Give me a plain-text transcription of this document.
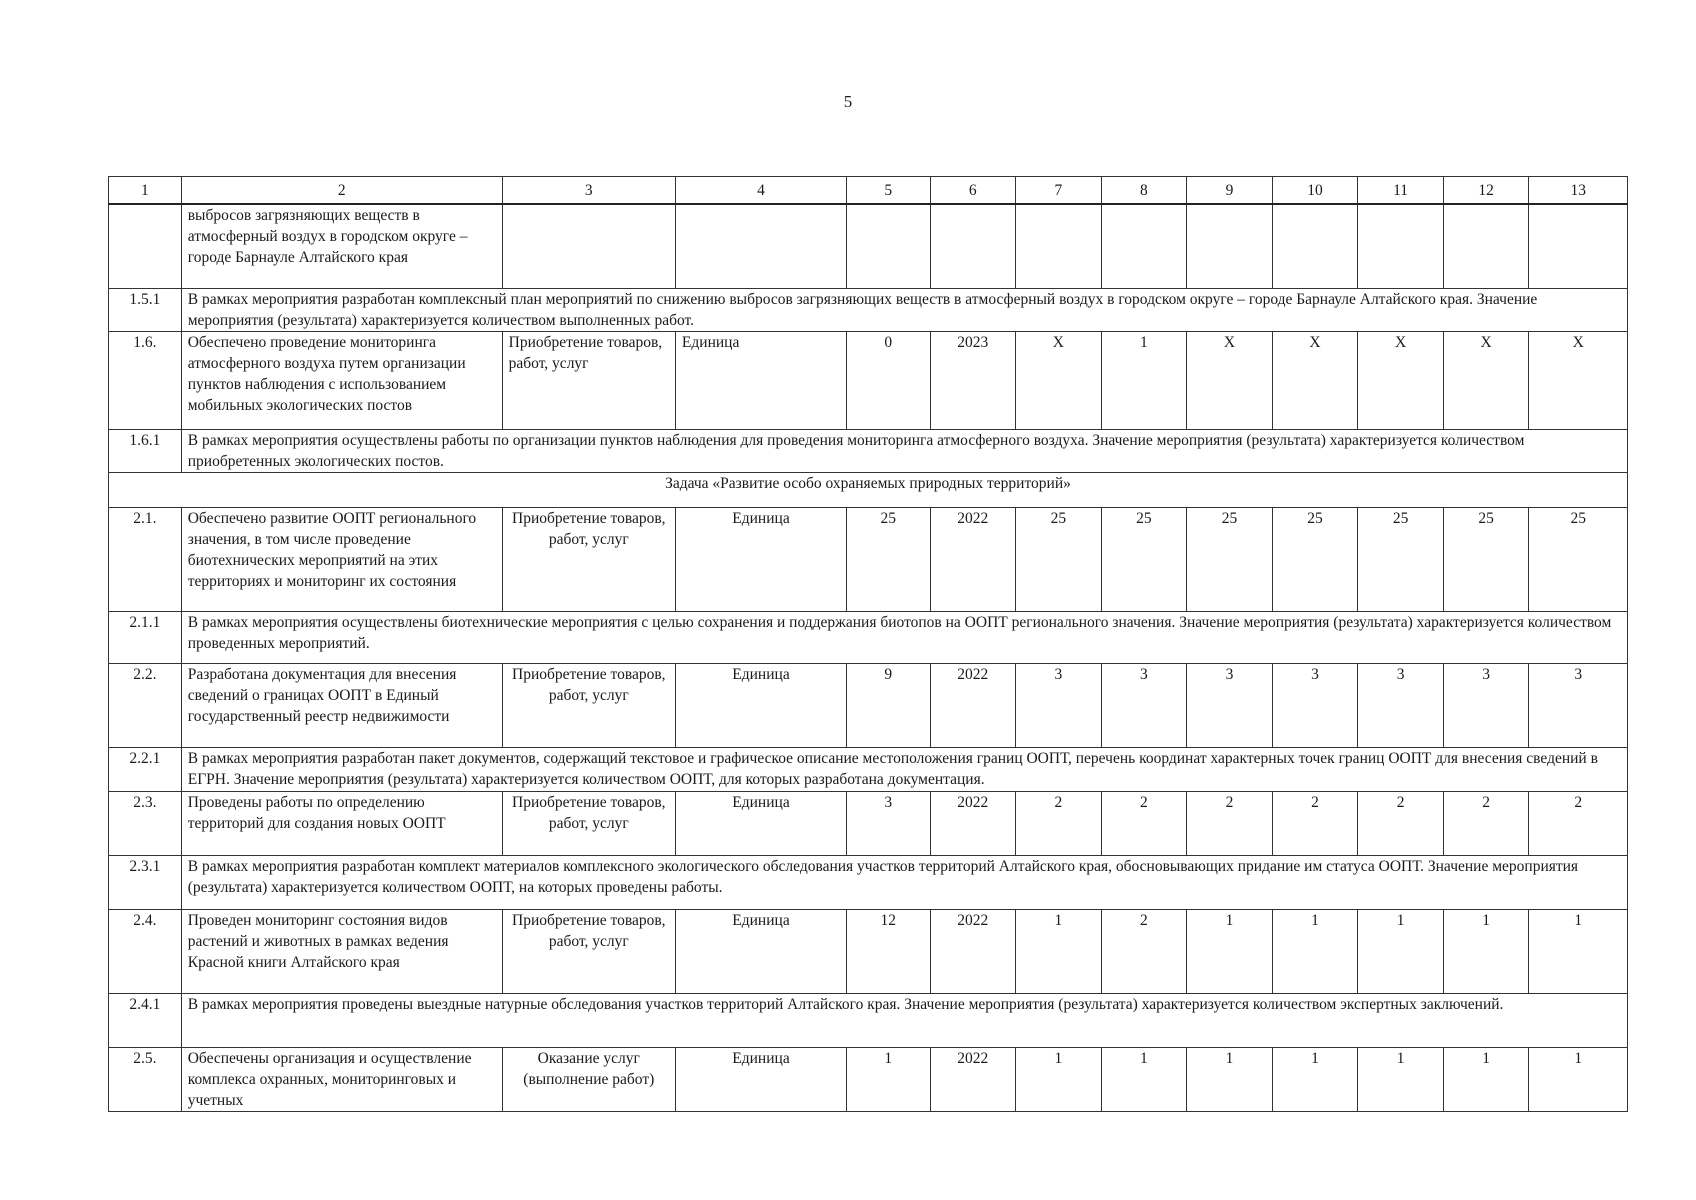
5
1	2	3	4	5	6	7	8	9	10	11	12	13
	выбросов загрязняющих веществ в атмосферный воздух в городском округе – городе Барнауле Алтайского края											
1.5.1	В рамках мероприятия разработан комплексный план мероприятий по снижению выбросов загрязняющих веществ в атмосферный воздух в городском округе – городе Барнауле Алтайского края. Значение мероприятия (результата) характеризуется количеством выполненных работ.											
1.6.	Обеспечено проведение мониторинга атмосферного воздуха путем организации пунктов наблюдения с использованием мобильных экологических постов	Приобретение товаров, работ, услуг	Единица	0	2023	X	1	X	X	X	X	X
1.6.1	В рамках мероприятия осуществлены работы по организации пунктов наблюдения для проведения мониторинга атмосферного воздуха. Значение мероприятия (результата) характеризуется количеством приобретенных экологических постов.											
Задача «Развитие особо охраняемых природных территорий»												
2.1.	Обеспечено развитие ООПТ регионального значения, в том числе проведение биотехнических мероприятий на этих территориях и мониторинг их состояния	Приобретение товаров, работ, услуг	Единица	25	2022	25	25	25	25	25	25	25
2.1.1	В рамках мероприятия осуществлены биотехнические мероприятия с целью сохранения и поддержания биотопов на ООПТ регионального значения. Значение мероприятия (результата) характеризуется количеством проведенных мероприятий.											
2.2.	Разработана документация для внесения сведений о границах ООПТ в Единый государственный реестр недвижимости	Приобретение товаров, работ, услуг	Единица	9	2022	3	3	3	3	3	3	3
2.2.1	В рамках мероприятия разработан пакет документов, содержащий текстовое и графическое описание местоположения границ ООПТ, перечень координат характерных точек границ ООПТ для внесения сведений в ЕГРН. Значение мероприятия (результата) характеризуется количеством ООПТ, для которых разработана документация.											
2.3.	Проведены работы по определению территорий для создания новых ООПТ	Приобретение товаров, работ, услуг	Единица	3	2022	2	2	2	2	2	2	2
2.3.1	В рамках мероприятия разработан комплект материалов комплексного экологического обследования участков территорий Алтайского края, обосновывающих придание им статуса ООПТ. Значение мероприятия (результата) характеризуется количеством ООПТ, на которых проведены работы.											
2.4.	Проведен мониторинг состояния видов растений и животных в рамках ведения Красной книги Алтайского края	Приобретение товаров, работ, услуг	Единица	12	2022	1	2	1	1	1	1	1
2.4.1	В рамках мероприятия проведены выездные натурные обследования участков территорий Алтайского края. Значение мероприятия (результата) характеризуется количеством экспертных заключений.											
2.5.	Обеспечены организация и осуществление комплекса охранных, мониторинговых и учетных	Оказание услуг (выполнение работ)	Единица	1	2022	1	1	1	1	1	1	1
